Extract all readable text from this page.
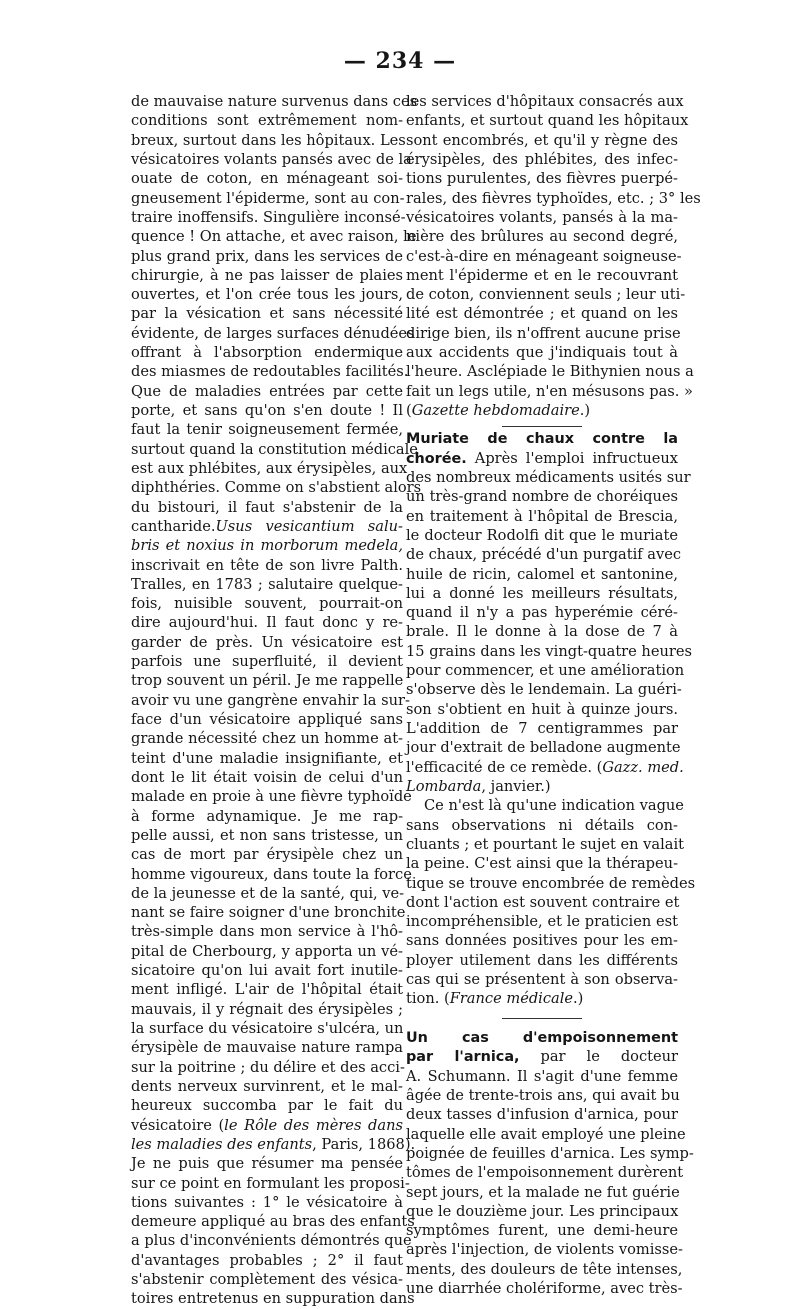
— 234 —
de mauvaise nature survenus dans ces
conditions sont extrêmement nom-
breux, surtout dans les hôpitaux. Les
vésicatoires volants pansés avec de la
ouate de coton, en ménageant soi-
gneusement l'épiderme, sont au con-
traire inoffensifs. Singulière inconsé-
quence ! On attache, et avec raison, le
plus grand prix, dans les services de
chirurgie, à ne pas laisser de plaies
ouvertes, et l'on crée tous les jours,
par la vésication et sans nécessité
évidente, de larges surfaces dénudées
offrant à l'absorption endermique
des miasmes de redoutables facilités.
Que de maladies entrées par cette
porte, et sans qu'on s'en doute ! Il
faut la tenir soigneusement fermée,
surtout quand la constitution médicale
est aux phlébites, aux érysipèles, aux
diphthéries. Comme on s'abstient alors
du bistouri, il faut s'abstenir de la
cantharide.Usus vesicantium salu-
bris et noxius in morborum medela,
inscrivait en tête de son livre Palth.
Tralles, en 1783 ; salutaire quelque-
fois, nuisible souvent, pourrait-on
dire aujourd'hui. Il faut donc y re-
garder de près. Un vésicatoire est
parfois une superfluité, il devient
trop souvent un péril. Je me rappelle
avoir vu une gangrène envahir la sur-
face d'un vésicatoire appliqué sans
grande nécessité chez un homme at-
teint d'une maladie insignifiante, et
dont le lit était voisin de celui d'un
malade en proie à une fièvre typhoïde
à forme adynamique. Je me rap-
pelle aussi, et non sans tristesse, un
cas de mort par érysipèle chez un
homme vigoureux, dans toute la force
de la jeunesse et de la santé, qui, ve-
nant se faire soigner d'une bronchite
très-simple dans mon service à l'hô-
pital de Cherbourg, y apporta un vé-
sicatoire qu'on lui avait fort inutile-
ment infligé. L'air de l'hôpital était
mauvais, il y régnait des érysipèles ;
la surface du vésicatoire s'ulcéra, un
érysipèle de mauvaise nature rampa
sur la poitrine ; du délire et des acci-
dents nerveux survinrent, et le mal-
heureux succomba par le fait du
vésicatoire (le Rôle des mères dans
les maladies des enfants, Paris, 1868).
Je ne puis que résumer ma pensée
sur ce point en formulant les proposi-
tions suivantes : 1° le vésicatoire à
demeure appliqué au bras des enfants
a plus d'inconvénients démontrés que
d'avantages probables ; 2° il faut
s'abstenir complètement des vésica-
toires entretenus en suppuration dans
les services d'hôpitaux consacrés aux
enfants, et surtout quand les hôpitaux
sont encombrés, et qu'il y règne des
érysipèles, des phlébites, des infec-
tions purulentes, des fièvres puerpé-
rales, des fièvres typhoïdes, etc. ; 3° les
vésicatoires volants, pansés à la ma-
nière des brûlures au second degré,
c'est-à-dire en ménageant soigneuse-
ment l'épiderme et en le recouvrant
de coton, conviennent seuls ; leur uti-
lité est démontrée ; et quand on les
dirige bien, ils n'offrent aucune prise
aux accidents que j'indiquais tout à
l'heure. Asclépiade le Bithynien nous a
fait un legs utile, n'en mésusons pas. »
(Gazette hebdomadaire.)
Muriate de chaux contre la
chorée. Après l'emploi infructueux
des nombreux médicaments usités sur
un très-grand nombre de choréiques
en traitement à l'hôpital de Brescia,
le docteur Rodolfi dit que le muriate
de chaux, précédé d'un purgatif avec
huile de ricin, calomel et santonine,
lui a donné les meilleurs résultats,
quand il n'y a pas hyperémie céré-
brale. Il le donne à la dose de 7 à
15 grains dans les vingt-quatre heures
pour commencer, et une amélioration
s'observe dès le lendemain. La guéri-
son s'obtient en huit à quinze jours.
L'addition de 7 centigrammes par
jour d'extrait de belladone augmente
l'efficacité de ce remède. (Gazz. med.
Lombarda, janvier.)
Ce n'est là qu'une indication vague
sans observations ni détails con-
cluants ; et pourtant le sujet en valait
la peine. C'est ainsi que la thérapeu-
tique se trouve encombrée de remèdes
dont l'action est souvent contraire et
incompréhensible, et le praticien est
sans données positives pour les em-
ployer utilement dans les différents
cas qui se présentent à son observa-
tion. (France médicale.)
Un cas d'empoisonnement
par l'arnica, par le docteur
A. Schumann. Il s'agit d'une femme
âgée de trente-trois ans, qui avait bu
deux tasses d'infusion d'arnica, pour
laquelle elle avait employé une pleine
poignée de feuilles d'arnica. Les symp-
tômes de l'empoisonnement durèrent
sept jours, et la malade ne fut guérie
que le douzième jour. Les principaux
symptômes furent, une demi-heure
après l'injection, de violents vomisse-
ments, des douleurs de tête intenses,
une diarrhée cholériforme, avec très-
